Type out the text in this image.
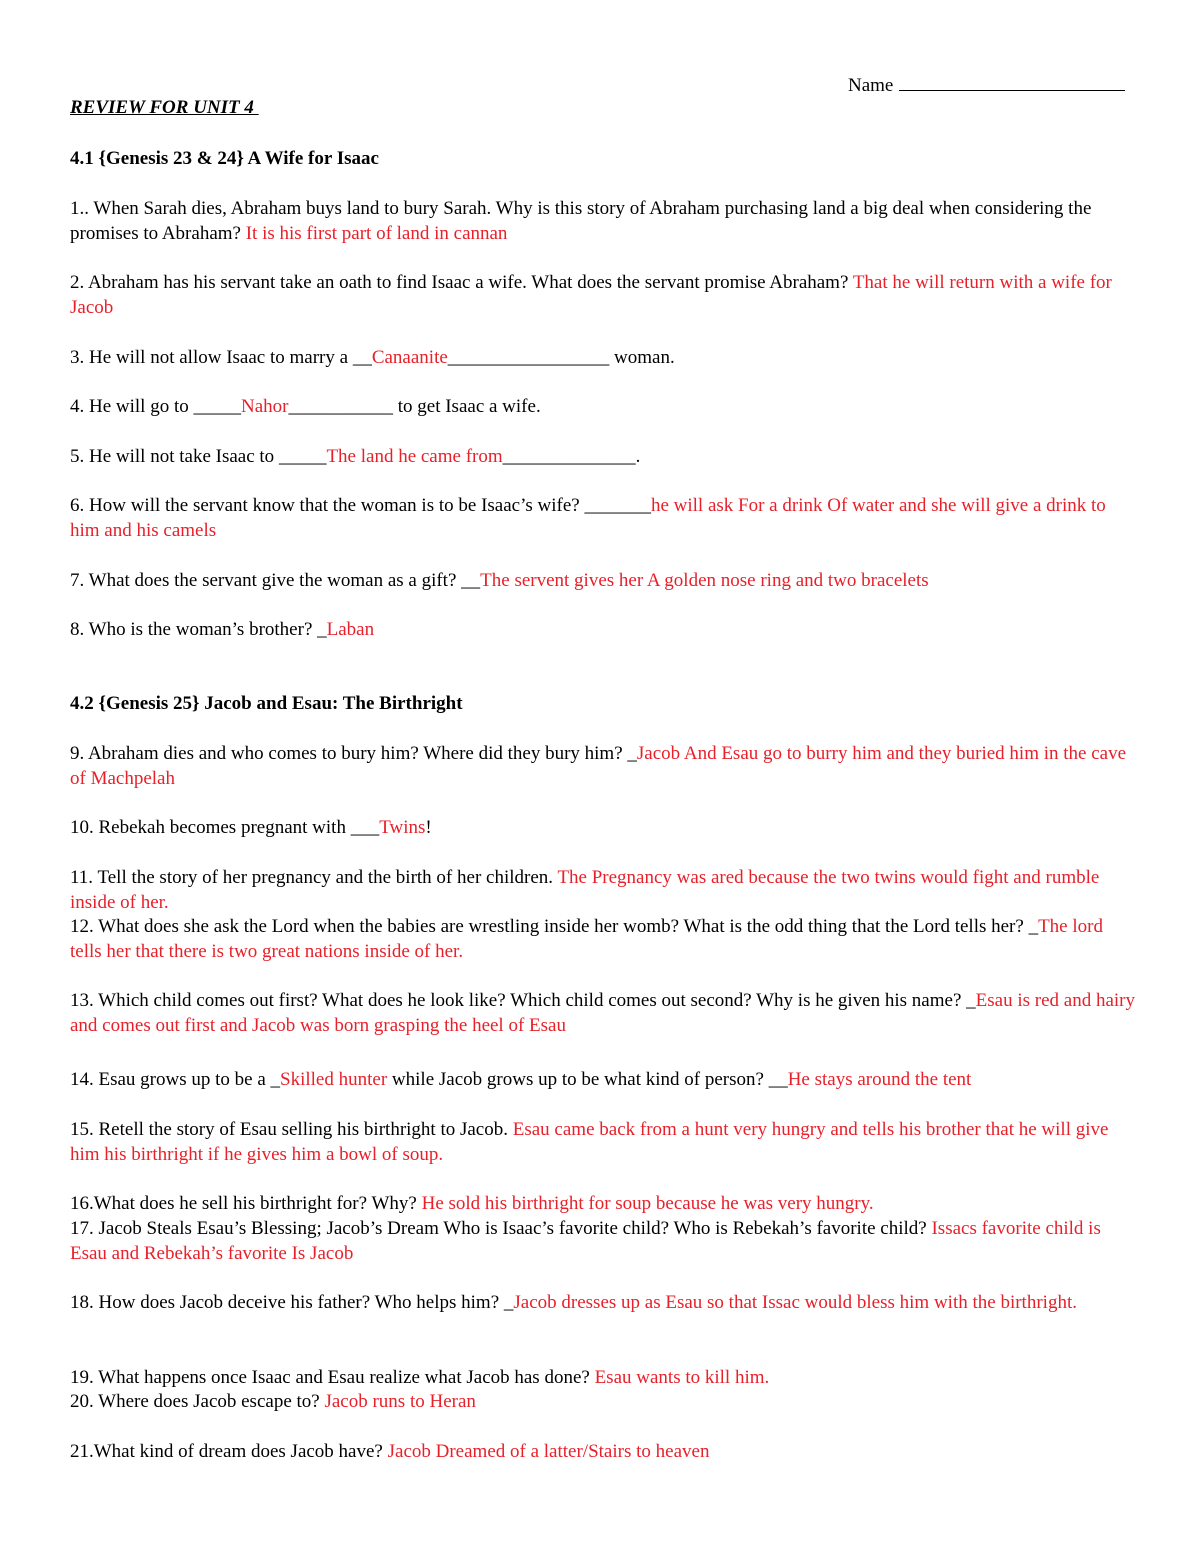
Name
REVIEW FOR UNIT 4
4.1 {Genesis 23 & 24} A Wife for Isaac
1.. When Sarah dies, Abraham buys land to bury Sarah. Why is this story of Abraham purchasing land a big deal when considering the promises to Abraham? It is his first part of land in cannan
2. Abraham has his servant take an oath to find Isaac a wife. What does the servant promise Abraham? That he will return with a wife for Jacob
3. He will not allow Isaac to marry a __Canaanite_________________ woman.
4. He will go to _____Nahor___________ to get Isaac a wife.
5. He will not take Isaac to _____The land he came from______________.
6. How will the servant know that the woman is to be Isaac’s wife? _______he will ask For a drink Of water and she will give a drink to him and his camels
7. What does the servant give the woman as a gift? __The servent gives her A golden nose ring and two bracelets
8. Who is the woman’s brother? _Laban
4.2 {Genesis 25} Jacob and Esau: The Birthright
9. Abraham dies and who comes to bury him? Where did they bury him? _Jacob And Esau go to burry him and they buried him in the cave of Machpelah
10. Rebekah becomes pregnant with ___Twins!
11. Tell the story of her pregnancy and the birth of her children. The Pregnancy was ared because the two twins would fight and rumble inside of her.
12. What does she ask the Lord when the babies are wrestling inside her womb? What is the odd thing that the Lord tells her? _The lord tells her that there is two great nations inside of her.
13. Which child comes out first? What does he look like? Which child comes out second? Why is he given his name? _Esau is red and hairy and comes out first and Jacob was born grasping the heel of Esau
14. Esau grows up to be a _Skilled hunter while Jacob grows up to be what kind of person? __He stays around the tent
15. Retell the story of Esau selling his birthright to Jacob. Esau came back from a hunt very hungry and tells his brother that he will give him his birthright if he gives him a bowl of soup.
16.What does he sell his birthright for? Why? He sold his birthright for soup because he was very hungry.
17. Jacob Steals Esau’s Blessing; Jacob’s Dream Who is Isaac’s favorite child? Who is Rebekah’s favorite child? Issacs favorite child is Esau and Rebekah’s favorite Is Jacob
18. How does Jacob deceive his father? Who helps him? _Jacob dresses up as Esau so that Issac would bless him with the birthright.
19. What happens once Isaac and Esau realize what Jacob has done? Esau wants to kill him.
20. Where does Jacob escape to? Jacob runs to Heran
21.What kind of dream does Jacob have? Jacob Dreamed of a latter/Stairs to heaven
